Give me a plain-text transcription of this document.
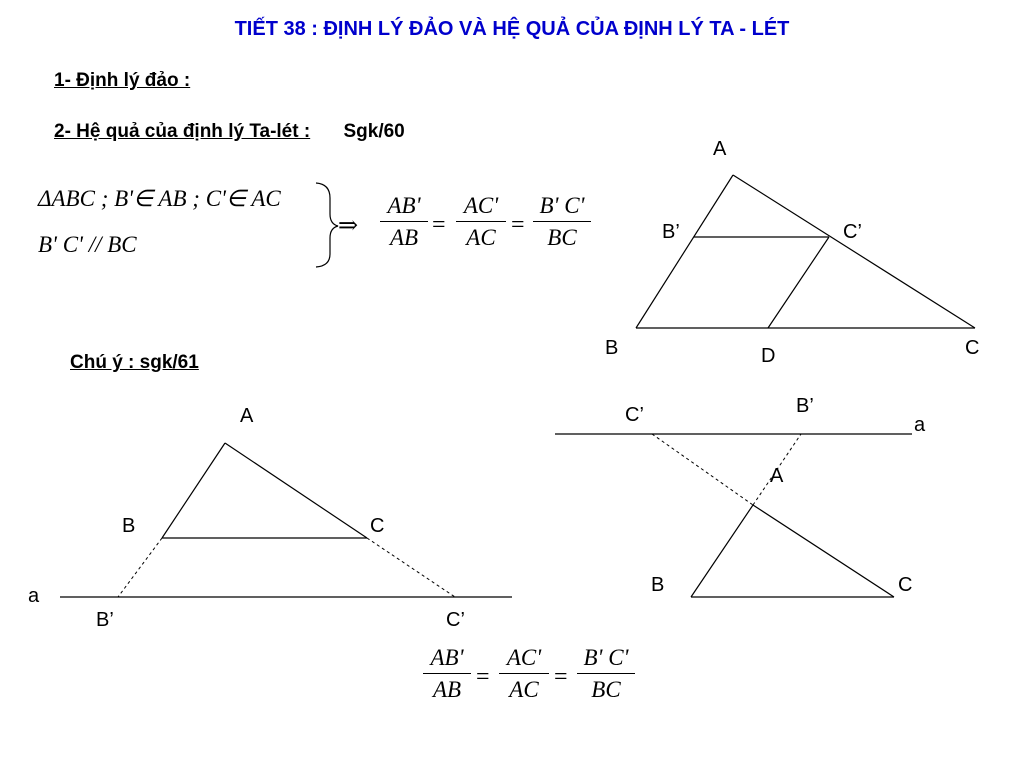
TIẾT 38 : ĐỊNH LÝ ĐẢO VÀ HỆ QUẢ CỦA ĐỊNH LÝ TA - LÉT
1- Định lý đảo :
2- Hệ quả của định lý Ta-lét : Sgk/60
Chú ý : sgk/61
ΔABC ; B'∈ AB ; C'∈ AC
B' C' // BC
A
B’	C’
B	C
D
A
B	C
a
B’	C’
B’
C’	a
A
B	C
⇒ $\frac{AB'}{AB} = \frac{AC'}{AC} = \frac{B' C'}{BC}$
$\frac{AB'}{AB} = \frac{AC'}{AC} = \frac{B' C'}{BC}$
